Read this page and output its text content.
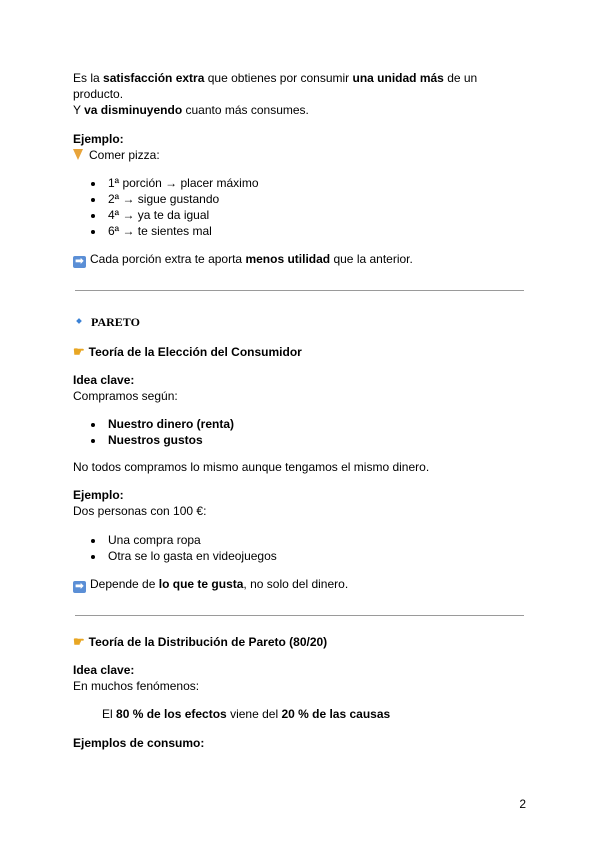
Es la satisfacción extra que obtienes por consumir una unidad más de un
producto.
Y va disminuyendo cuanto más consumes.
Ejemplo:
Comer pizza:
1ª porción → placer máximo
2ª → sigue gustando
4ª → ya te da igual
6ª → te sientes mal
➡ Cada porción extra te aporta menos utilidad que la anterior.
PARETO
☛ Teoría de la Elección del Consumidor
Idea clave:
Compramos según:
Nuestro dinero (renta)
Nuestros gustos
No todos compramos lo mismo aunque tengamos el mismo dinero.
Ejemplo:
Dos personas con 100 €:
Una compra ropa
Otra se lo gasta en videojuegos
➡ Depende de lo que te gusta, no solo del dinero.
☛ Teoría de la Distribución de Pareto (80/20)
Idea clave:
En muchos fenómenos:
El 80 % de los efectos viene del 20 % de las causas
Ejemplos de consumo:
2
